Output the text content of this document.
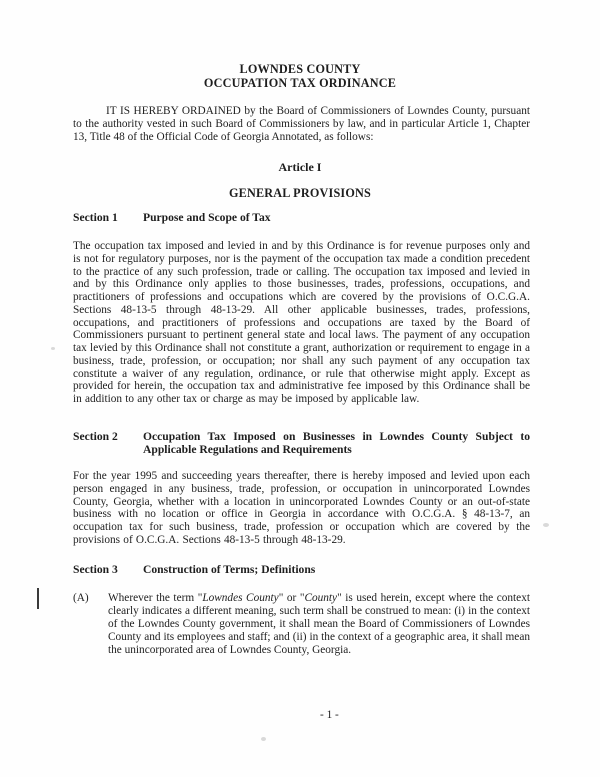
LOWNDES COUNTY
OCCUPATION TAX ORDINANCE

IT IS HEREBY ORDAINED by the Board of Commissioners of Lowndes County, pursuant to the authority vested in such Board of Commissioners by law, and in particular Article 1, Chapter 13, Title 48 of the Official Code of Georgia Annotated, as follows:

Article I
GENERAL PROVISIONS
Section 1	Purpose and Scope of Tax

The occupation tax imposed and levied in and by this Ordinance is for revenue purposes only and is not for regulatory purposes, nor is the payment of the occupation tax made a condition precedent to the practice of any such profession, trade or calling. The occupation tax imposed and levied in and by this Ordinance only applies to those businesses, trades, professions, occupations, and practitioners of professions and occupations which are covered by the provisions of O.C.G.A. Sections 48-13-5 through 48-13-29. All other applicable businesses, trades, professions, occupations, and practitioners of professions and occupations are taxed by the Board of Commissioners pursuant to pertinent general state and local laws. The payment of any occupation tax levied by this Ordinance shall not constitute a grant, authorization or requirement to engage in a business, trade, profession, or occupation; nor shall any such payment of any occupation tax constitute a waiver of any regulation, ordinance, or rule that otherwise might apply. Except as provided for herein, the occupation tax and administrative fee imposed by this Ordinance shall be in addition to any other tax or charge as may be imposed by applicable law.

Section 2	Occupation Tax Imposed on Businesses in Lowndes County Subject to Applicable Regulations and Requirements

For the year 1995 and succeeding years thereafter, there is hereby imposed and levied upon each person engaged in any business, trade, profession, or occupation in unincorporated Lowndes County, Georgia, whether with a location in unincorporated Lowndes County or an out-of-state business with no location or office in Georgia in accordance with O.C.G.A. § 48-13-7, an occupation tax for such business, trade, profession or occupation which are covered by the provisions of O.C.G.A. Sections 48-13-5 through 48-13-29.

Section 3	Construction of Terms; Definitions
(A)	Wherever the term "Lowndes County" or "County" is used herein, except where the context clearly indicates a different meaning, such term shall be construed to mean: (i) in the context of the Lowndes County government, it shall mean the Board of Commissioners of Lowndes County and its employees and staff; and (ii) in the context of a geographic area, it shall mean the unincorporated area of Lowndes County, Georgia.
- 1 -
